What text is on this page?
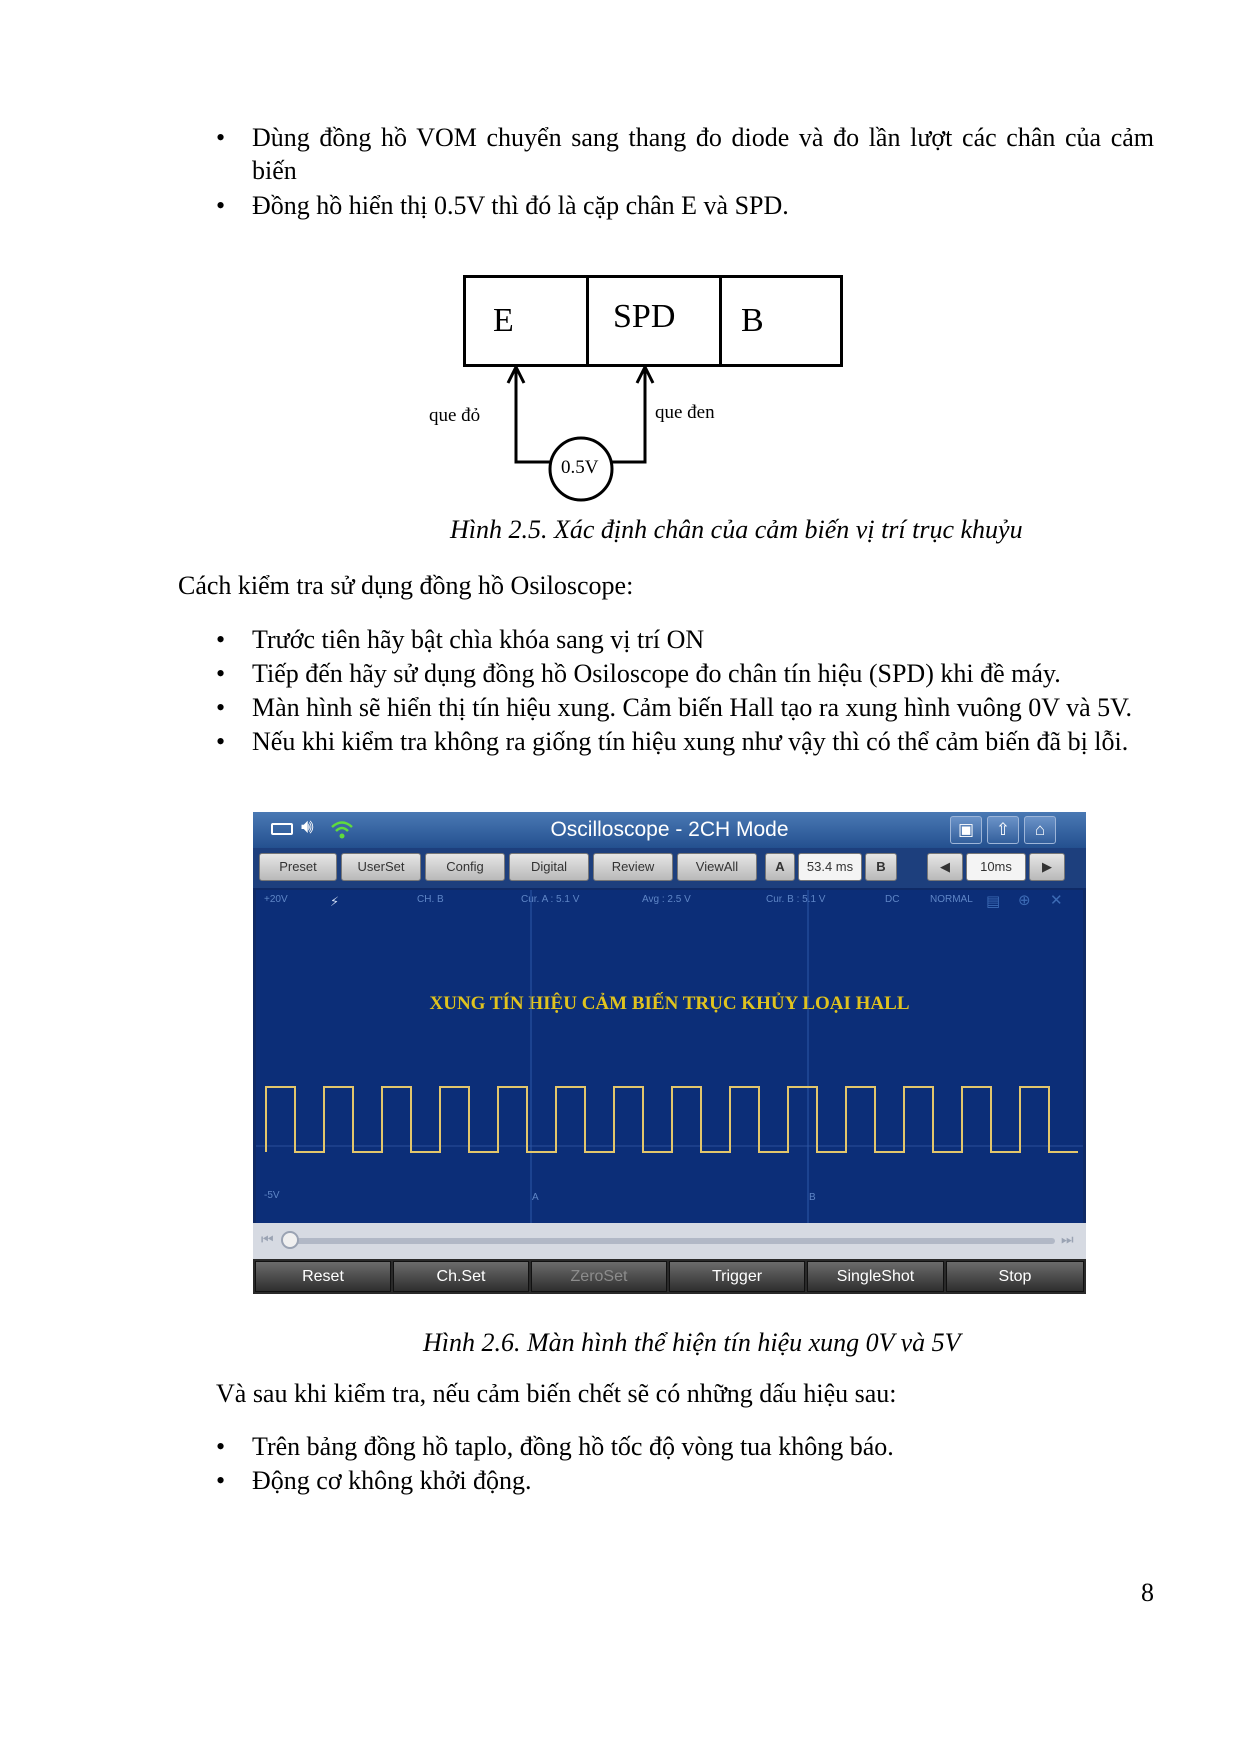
• Dùng đồng hồ VOM chuyển sang thang đo diode và đo lần lượt các chân của cảm biến
• Đồng hồ hiển thị 0.5V thì đó là cặp chân E và SPD.
E	SPD B
0.5V
que đỏ	que đen
Hình 2.5. Xác định chân của cảm biến vị trí trục khuỷu
Cách kiểm tra sử dụng đồng hồ Osiloscope:
• Trước tiên hãy bật chìa khóa sang vị trí ON
• Tiếp đến hãy sử dụng đồng hồ Osiloscope đo chân tín hiệu (SPD) khi đề máy.
• Màn hình sẽ hiển thị tín hiệu xung. Cảm biến Hall tạo ra xung hình vuông 0V và 5V.
• Nếu khi kiểm tra không ra giống tín hiệu xung như vậy thì có thể cảm biến đã bị lỗi.
🔊︎	Oscilloscope - 2CH Mode	▣	⇧	⌂
Preset	UserSet	Config	Digital	Review	ViewAll	A	53.4 ms	B	◀	10ms	▶
+20V	⚡︎	CH. B	Cur. A : 5.1 V	Avg : 2.5 V	Cur. B : 5.1 V	DC	NORMAL ▤ ⊕ ✕
-5V	A	B
XUNG TÍN HIỆU CẢM BIẾN TRỤC KHỦY LOẠI HALL
⏮︎	⏭︎
Reset	Ch.Set	ZeroSet	Trigger	SingleShot	Stop
Hình 2.6. Màn hình thể hiện tín hiệu xung 0V và 5V
Và sau khi kiểm tra, nếu cảm biến chết sẽ có những dấu hiệu sau:
• Trên bảng đồng hồ taplo, đồng hồ tốc độ vòng tua không báo.
• Động cơ không khởi động.
8
